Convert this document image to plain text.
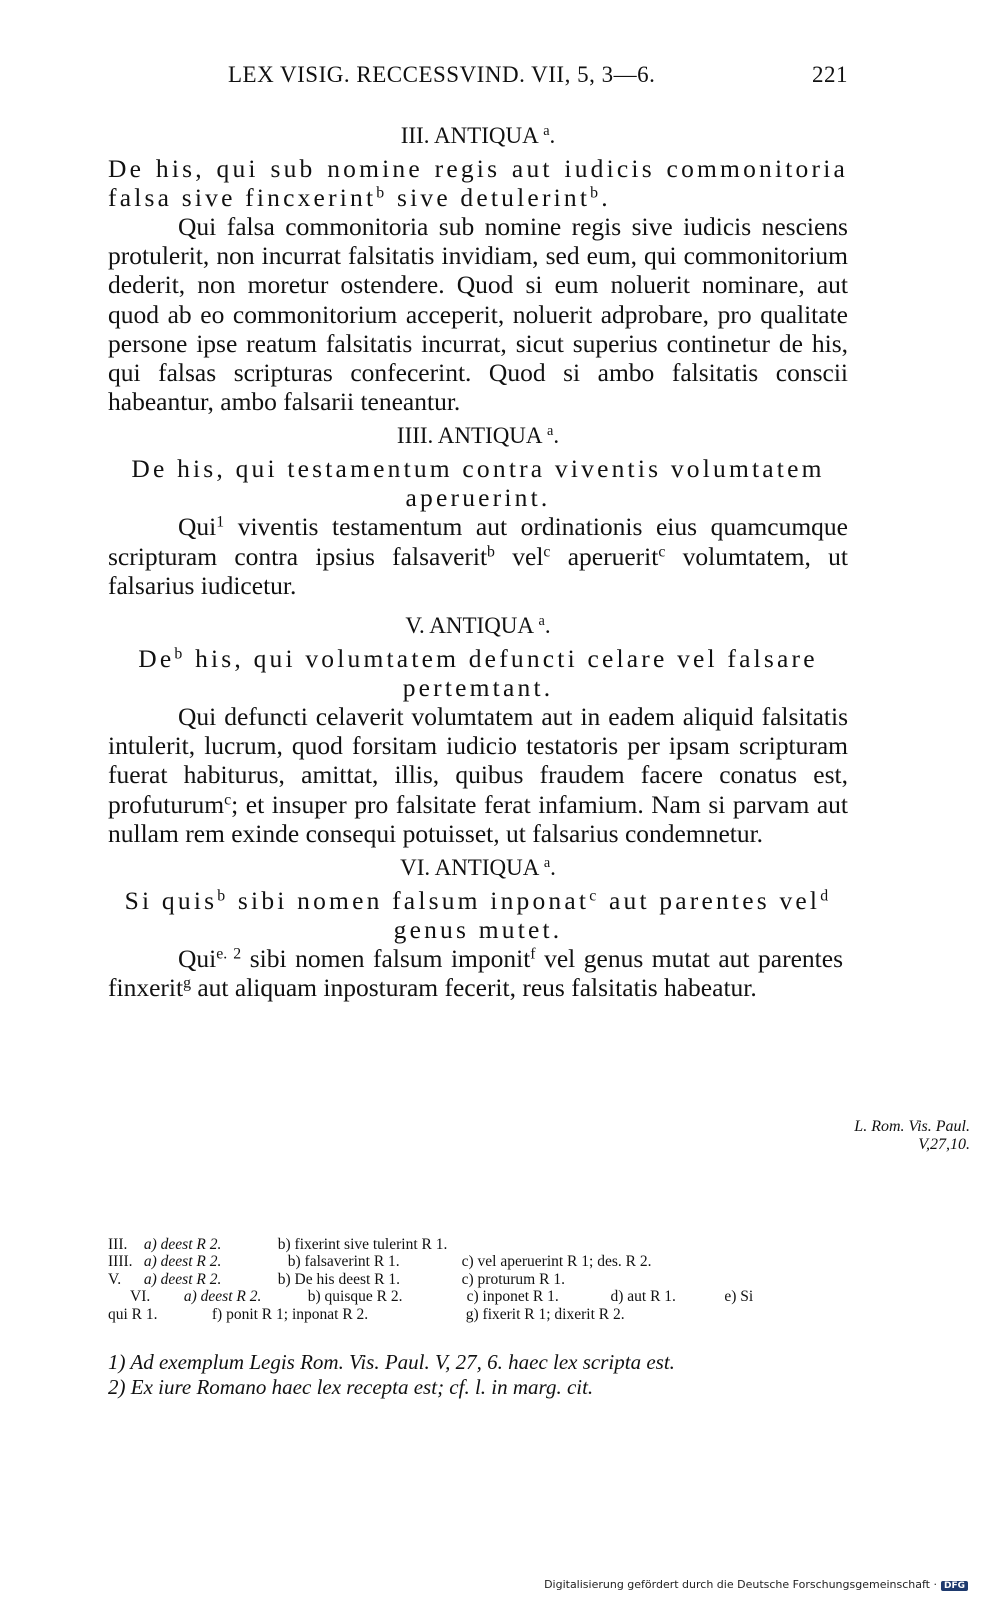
LEX VISIG. RECCESSVIND. VII, 5, 3—6.	221
III. ANTIQUA $^a$.

De his, qui sub nomine regis aut iudicis commonitoria falsa sive fincxerint$^b$ sive detulerint$^b$.

Qui falsa commonitoria sub nomine regis sive iudicis nesciens protulerit, non incurrat falsitatis invidiam, sed eum, qui commonitorium dederit, non moretur ostendere. Quod si eum noluerit nominare, aut quod ab eo commonitorium acceperit, noluerit adprobare, pro qualitate persone ipse reatum falsitatis incurrat, sicut superius continetur de his, qui falsas scripturas confecerint. Quod si ambo falsitatis conscii habeantur, ambo falsarii teneantur.

IIII. ANTIQUA $^a$.

De his, qui testamentum contra viventis volumtatem aperuerint.

Qui$^1$ viventis testamentum aut ordinationis eius quamcumque scripturam contra ipsius falsaverit$^b$ vel$^c$ aperuerit$^c$ volumtatem, ut falsarius iudicetur.

V. ANTIQUA $^a$.

De$^b$ his, qui volumtatem defuncti celare vel falsare pertemtant.

Qui defuncti celaverit volumtatem aut in eadem aliquid falsitatis intulerit, lucrum, quod forsitam iudicio testatoris per ipsam scripturam fuerat habiturus, amittat, illis, quibus fraudem facere conatus est, profuturum$^c$; et insuper pro falsitate ferat infamium. Nam si parvam aut nullam rem exinde consequi potuisset, ut falsarius condemnetur.

VI. ANTIQUA $^a$.

Si quis$^b$ sibi nomen falsum inponat$^c$ aut parentes vel$^d$ genus mutet.

Qui$^{e. 2}$ sibi nomen falsum imponit$^f$ vel genus mutat aut parentes finxerit$^g$ aut aliquam inposturam fecerit, reus falsitatis habeatur.

L. Rom. Vis. Paul. V,27,10.
III. a) deest R 2.	b) fixerint sive tulerint R 1.
IIII. a) deest R 2.	b) falsaverint R 1.	c) vel aperuerint R 1; des. R 2.
V. a) deest R 2.	b) De his deest R 1.	c) proturum R 1.
VI. a) deest R 2.	b) quisque R 2.	c) inponet R 1.	d) aut R 1.	e) Si
qui R 1.	f) ponit R 1; inponat R 2.	g) fixerit R 1; dixerit R 2.
1) Ad exemplum Legis Rom. Vis. Paul. V, 27, 6. haec lex scripta est.
2) Ex iure Romano haec lex recepta est; cf. l. in marg. cit.
Digitalisierung gefördert durch die Deutsche Forschungsgemeinschaft · DFG
